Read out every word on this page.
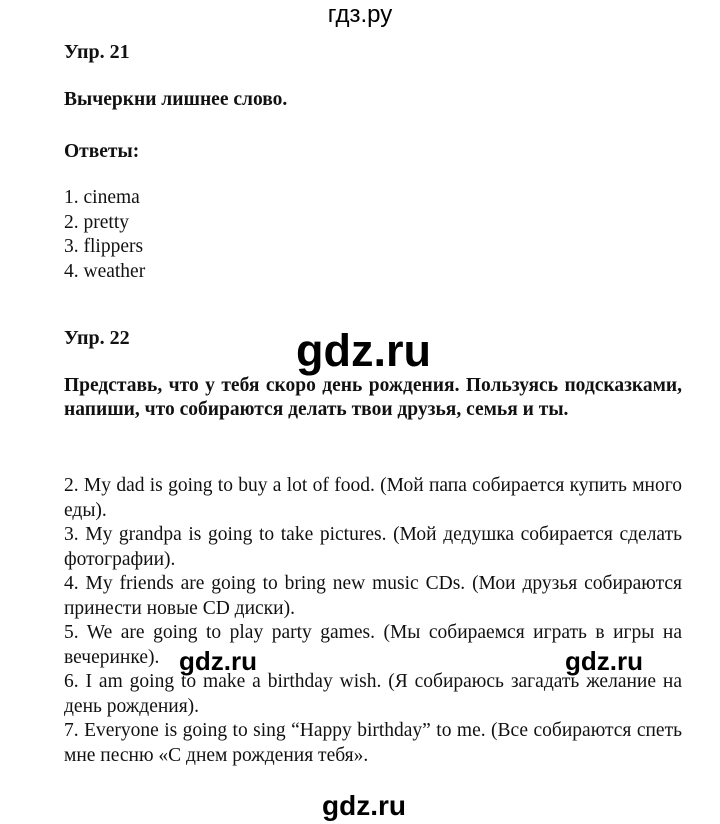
гдз.ру
Упр. 21
Вычеркни лишнее слово.
Ответы:
1. cinema
2. pretty
3. flippers
4. weather
Упр. 22
Представь, что у тебя скоро день рождения. Пользуясь подсказками, напиши, что собираются делать твои друзья, семья и ты.
2. My dad is going to buy a lot of food. (Мой папа собирается купить много еды).
3. My grandpa is going to take pictures. (Мой дедушка собирается сделать фотографии).
4. My friends are going to bring new music CDs. (Мои друзья собираются принести новые CD диски).
5. We are going to play party games. (Мы собираемся играть в игры на вечеринке).
6. I am going to make a birthday wish. (Я собираюсь загадать желание на день рождения).
7. Everyone is going to sing “Happy birthday” to me. (Все собираются спеть мне песню «С днем рождения тебя».
gdz.ru
gdz.ru	gdz.ru
gdz.ru
